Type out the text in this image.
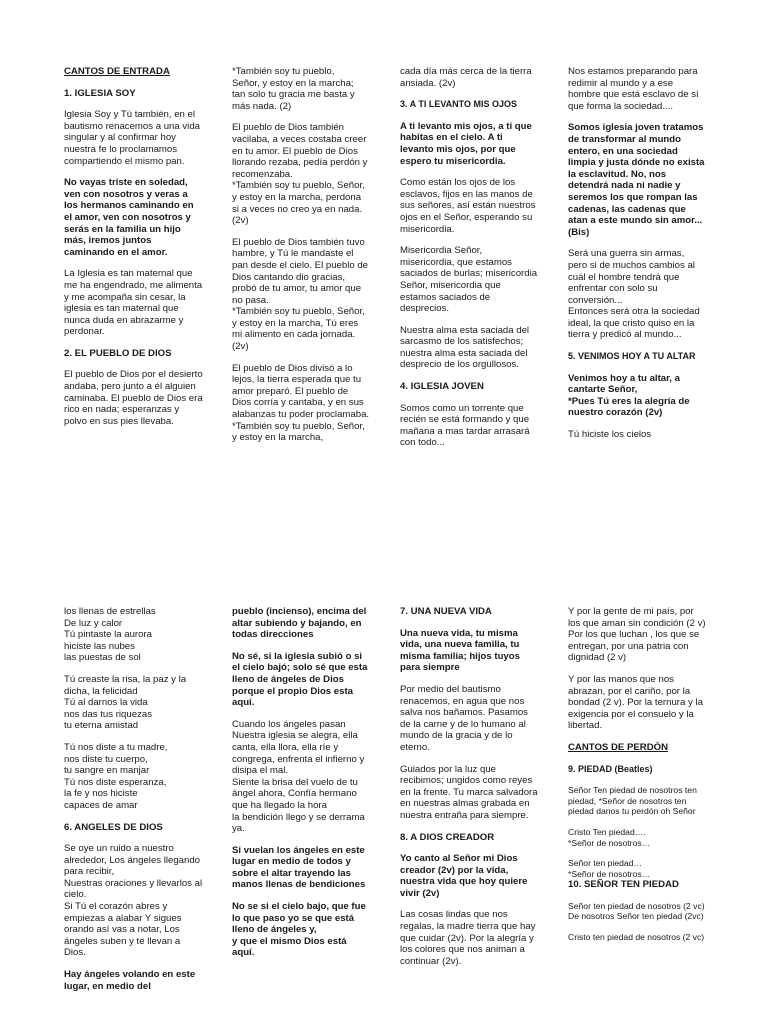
CANTOS DE ENTRADA

1. IGLESIA SOY

Iglesia Soy y Tú también, en el bautismo renacemos a una vida singular y al confirmar hoy nuestra fe lo proclamamos compartiendo el mismo pan.

No vayas triste en soledad, ven con nosotros y veras a los hermanos caminando en el amor, ven con nosotros y serás en la familia un hijo más, iremos juntos caminando en el amor.

La Iglesia es tan maternal que me ha engendrado, me alimenta y me acompaña sin cesar, la iglesia es tan maternal que nunca duda en abrazarme y perdonar.

2. EL PUEBLO DE DIOS

El pueblo de Dios por el desierto andaba, pero junto a él alguien caminaba. El pueblo de Dios era rico en nada; esperanzas y polvo en sus pies llevaba.

*También soy tu pueblo,
Señor, y estoy en la marcha;
tan solo tu gracia me basta y más nada. (2)

El pueblo de Dios también vacilaba, a veces costaba creer en tu amor. El pueblo de Dios llorando rezaba, pedía perdón y recomenzaba.
*También soy tu pueblo, Señor, y estoy en la marcha, perdona si a veces no creo ya en nada. (2v)

El pueblo de Dios también tuvo hambre, y Tú le mandaste el pan desde el cielo. El pueblo de Dios cantando dio gracias, probó de tu amor, tu amor que no pasa.
*También soy tu pueblo, Señor, y estoy en la marcha, Tú eres mi alimento en cada jornada. (2v)

El pueblo de Dios divisó a lo lejos, la tierra esperada que tu amor preparó. El pueblo de Dios corría y cantaba, y en sus alabanzas tu poder proclamaba.
*También soy tu pueblo, Señor, y estoy en la marcha,

cada día más cerca de la tierra ansiada. (2v)

3. A TI LEVANTO MIS OJOS

A ti levanto mis ojos, a ti que habitas en el cielo. A ti levanto mis ojos, por que espero tu misericordia.

Como están los ojos de los esclavos, fijos en las manos de sus señores, así están nuestros ojos en el Señor, esperando su misericordia.

Misericordia Señor, misericordia, que estamos saciados de burlas; misericordia Señor, misericordia que estamos saciados de desprecios.

Nuestra alma esta saciada del sarcasmo de los satisfechos; nuestra alma esta saciada del desprecio de los orgullosos.

4. IGLESIA JOVEN

Somos como un torrente que recién se está formando y que mañana a mas tardar arrasará con todo...

Nos estamos preparando para redimir al mundo y a ese hombre que está esclavo de sí que forma la sociedad....

Somos iglesia joven tratamos de transformar al mundo entero, en una sociedad limpia y justa dónde no exista la esclavitud. No, nos detendrá nada ni nadie y seremos los que rompan las cadenas, las cadenas que atan a este mundo sin amor... (Bis)

Será una guerra sin armas, pero si de muchos cambios al cuál el hombre tendrá que enfrentar con solo su conversión...
Entonces será otra la sociedad ideal, la que cristo quiso en la tierra y predicó al mundo...

5. VENIMOS HOY A TU ALTAR

Venimos hoy a tu altar, a cantarte Señor,
*Pues Tú eres la alegría de nuestro corazón (2v)

Tú hiciste los cielos

los llenas de estrellas
De luz y calor
Tú pintaste la aurora
hiciste las nubes
las puestas de sol

Tú creaste la risa, la paz y la dicha, la felicidad
Tú al darnos la vida
nos das tus riquezas
tu eterna amistad

Tú nos diste a tu madre,
nos diste tu cuerpo,
tu sangre en manjar
Tú nos diste esperanza,
la fe y nos hiciste
capaces de amar

6. ANGELES DE DIOS

Se oye un ruido a nuestro alrededor, Los ángeles llegando para recibir,
Nuestras oraciones y llevarlos al cielo.
Si Tú el corazón abres y empiezas a alabar Y sigues orando así vas a notar, Los ángeles suben y te llevan a Dios.

Hay ángeles volando en este lugar, en medio del

pueblo (incienso), encima del altar subiendo y bajando, en todas direcciones

No sé, si la iglesia subió o si el cielo bajó; solo sé que esta lleno de ángeles de Dios porque el propio Dios esta aquí.

Cuando los ángeles pasan Nuestra iglesia se alegra, ella canta, ella llora, ella ríe y congrega, enfrenta el infierno y disipa el mal.
Siente la brisa del vuelo de tu ángel ahora, Confía hermano que ha llegado la hora
la bendición llego y se derrama ya.

Si vuelan los ángeles en este lugar en medio de todos y sobre el altar trayendo las manos llenas de bendiciones

No se si el cielo bajo, que fue lo que paso yo se que está lleno de ángeles y,
y que el mismo Dios está aquí.

7. UNA NUEVA VIDA

Una nueva vida, tu misma vida, una nueva familia, tu misma familia; hijos tuyos para siempre

Por medio del bautismo renacemos, en agua que nos salva nos bañamos. Pasamos de la carne y de lo humano al mundo de la gracia y de lo eterno.

Guiados por la luz que recibimos; ungidos como reyes en la frente. Tu marca salvadora en nuestras almas grabada en nuestra entraña para siempre.

8. A DIOS CREADOR

Yo canto al Señor mi Dios creador (2v) por la vida, nuestra vida que hoy quiere vivir (2v)

Las cosas lindas que nos regalas, la madre tierra que hay que cuidar (2v). Por la alegría y los colores que nos animan a continuar (2v).

Y por la gente de mi país, por los que aman sin condición (2 v) Por los que luchan , los que se entregan, por una patria con dignidad (2 v)

Y por las manos que nos abrazan, por el cariño, por la bondad (2 v). Por la ternura y la exigencia por el consuelo y la libertad.

CANTOS DE PERDÓN

9. PIEDAD (Beatles)

Señor Ten piedad de nosotros ten piedad, *Señor de nosotros ten piedad danos tu perdón oh Señor

Cristo Ten piedad….

*Señor de nosotros…

Señor ten piedad…

*Señor de nosotros…

10. SEÑOR TEN PIEDAD

Señor ten piedad de nosotros (2 vc)
De nosotros Señor ten piedad (2vc)

Cristo ten piedad de nosotros (2 vc)
